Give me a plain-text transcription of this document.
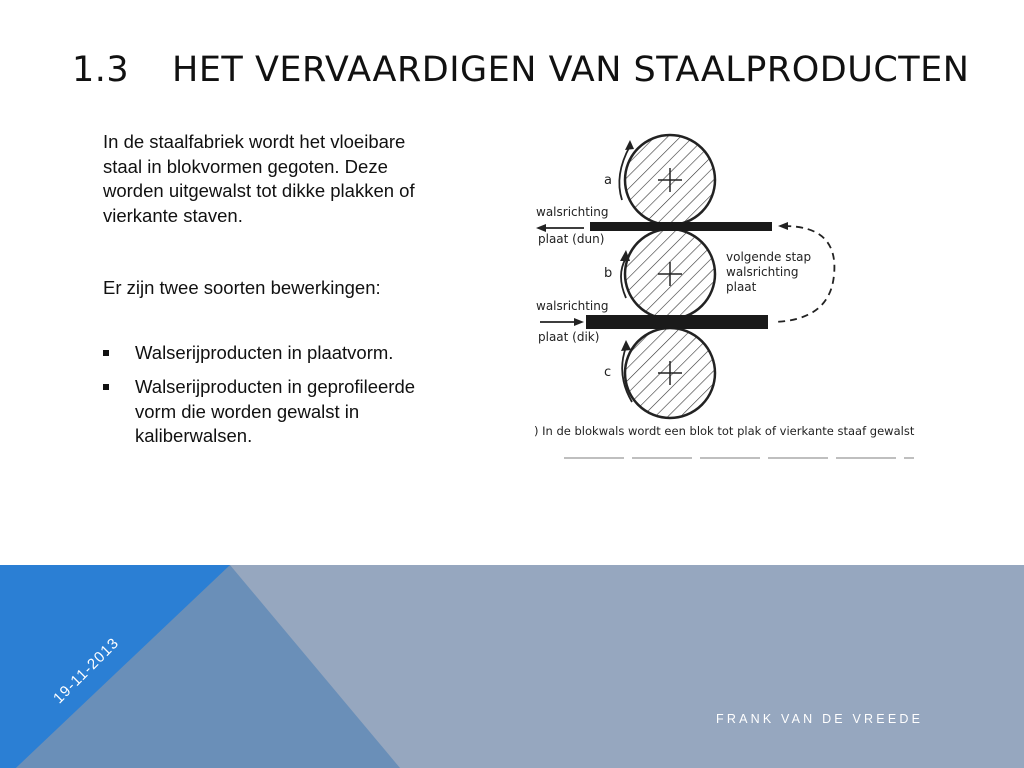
1.3 HET VERVAARDIGEN VAN STAALPRODUCTEN

In de staalfabriek wordt het vloeibare staal in blokvormen gegoten. Deze worden uitgewalst tot dikke plakken of vierkante staven.

Er zijn twee soorten bewerkingen:

Walserijproducten in plaatvorm.
Walserijproducten in geprofileerde vorm die worden gewalst in kaliberwalsen.
a
b
c
walsrichting
plaat (dun)
walsrichting
plaat (dik)
volgende stap
walsrichting
plaat
) In de blokwals wordt een blok tot plak of vierkante staaf gewalst
19-11-2013
FRANK VAN DE VREEDE
